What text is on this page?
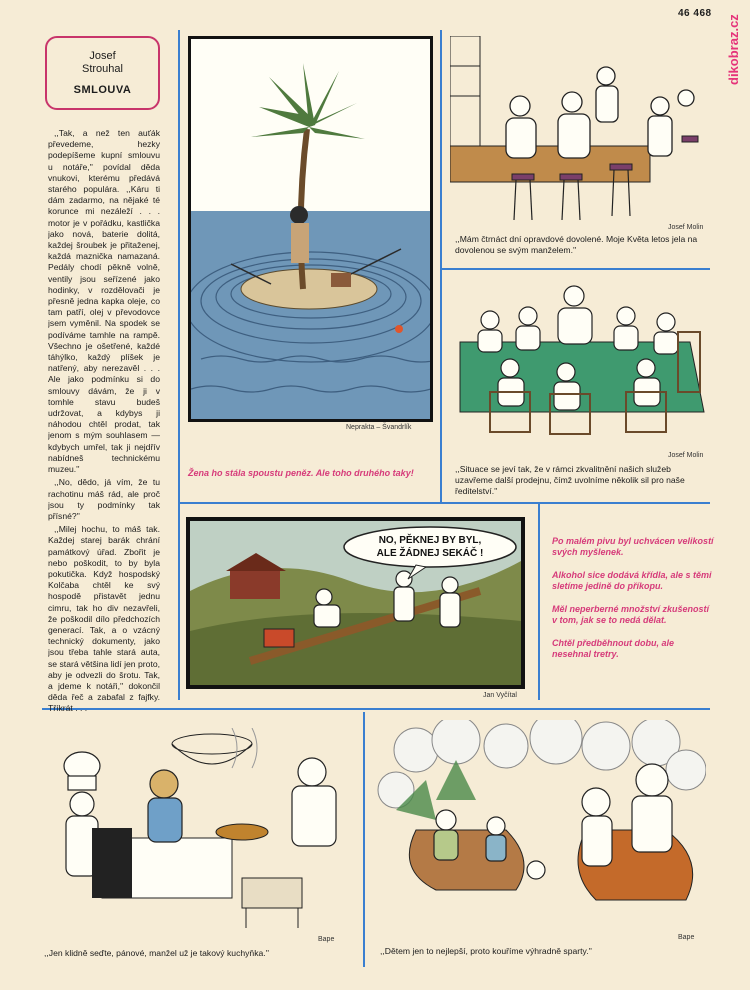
46 468
dikobraz.cz
Josef
Strouhal
SMLOUVA

,,Tak, a než ten auťák převedeme, hezky podepíšeme kupní smlouvu u notáře,'' povídal děda vnukovi, kterému předává starého populára. ,,Káru ti dám zadarmo, na nějaké té korunce mi nezáleží . . . motor je v pořádku, kastlička jako nová, baterie dolitá, každej šroubek je přitaženej, každá maznička namazaná. Pedály chodí pěkně volně, ventily jsou seřízené jako hodinky, v rozdělovači je přesně jedna kapka oleje, co tam patří, olej v převodovce jsem vyměnil. Na spodek se podíváme tamhle na rampě. Všechno je ošetřené, každé táhýlko, každý plíšek je natřený, aby nerezavěl . . . Ale jako podmínku si do smlouvy dávám, že ji v tomhle stavu budeš udržovat, a kdybys ji náhodou chtěl prodat, tak jenom s mým souhlasem — kdybych umřel, tak ji nejdřív nabídneš technickému muzeu.''

,,No, dědo, já vím, že tu rachotinu máš rád, ale proč jsou ty podmínky tak přísné?''

,,Milej hochu, to máš tak. Každej starej barák chrání památkový úřad. Zbořit je nebo poškodit, to by byla pokutička. Když hospodský Kolčaba chtěl ke svý hospodě přistavět jednu cimru, tak ho div nezavřeli, že poškodil dílo předchozích generací. Tak, a o vzácný technický dokumenty, jako jsou třeba tahle stará auta, se stará většina lidí jen proto, aby je odvezli do šrotu. Tak, a jdeme k notáři,'' dokončil děda řeč a zabafal z fajfky. Tříkrát . . .

Neprakta – Švandrlík
Žena ho stála spoustu peněz. Ale toho druhého taky!
Josef Molin
,,Mám čtrnáct dní opravdové dovolené. Moje Květa letos jela na dovolenou se svým manželem.''
Josef Molin
,,Situace se jeví tak, že v rámci zkvalitnění našich služeb uzavřeme další prodejnu, čímž uvolníme několik sil pro naše ředitelství.''
NO, PĚKNEJ BY BYL,
ALE ŽÁDNEJ SEKÁČ !
Jan Vyčítal

Po malém pivu byl uchvácen velikostí svých myšlenek.

Alkohol sice dodává křídla, ale s těmi sletíme jedině do příkopu.

Měl neperberné množství zkušeností v tom, jak se to nedá dělat.

Chtěl předběhnout dobu, ale nesehnal tretry.

Bape
,,Jen klidně seďte, pánové, manžel už je takový kuchyňka.''
Bape
,,Dětem jen to nejlepší, proto kouříme výhradně sparty.''
